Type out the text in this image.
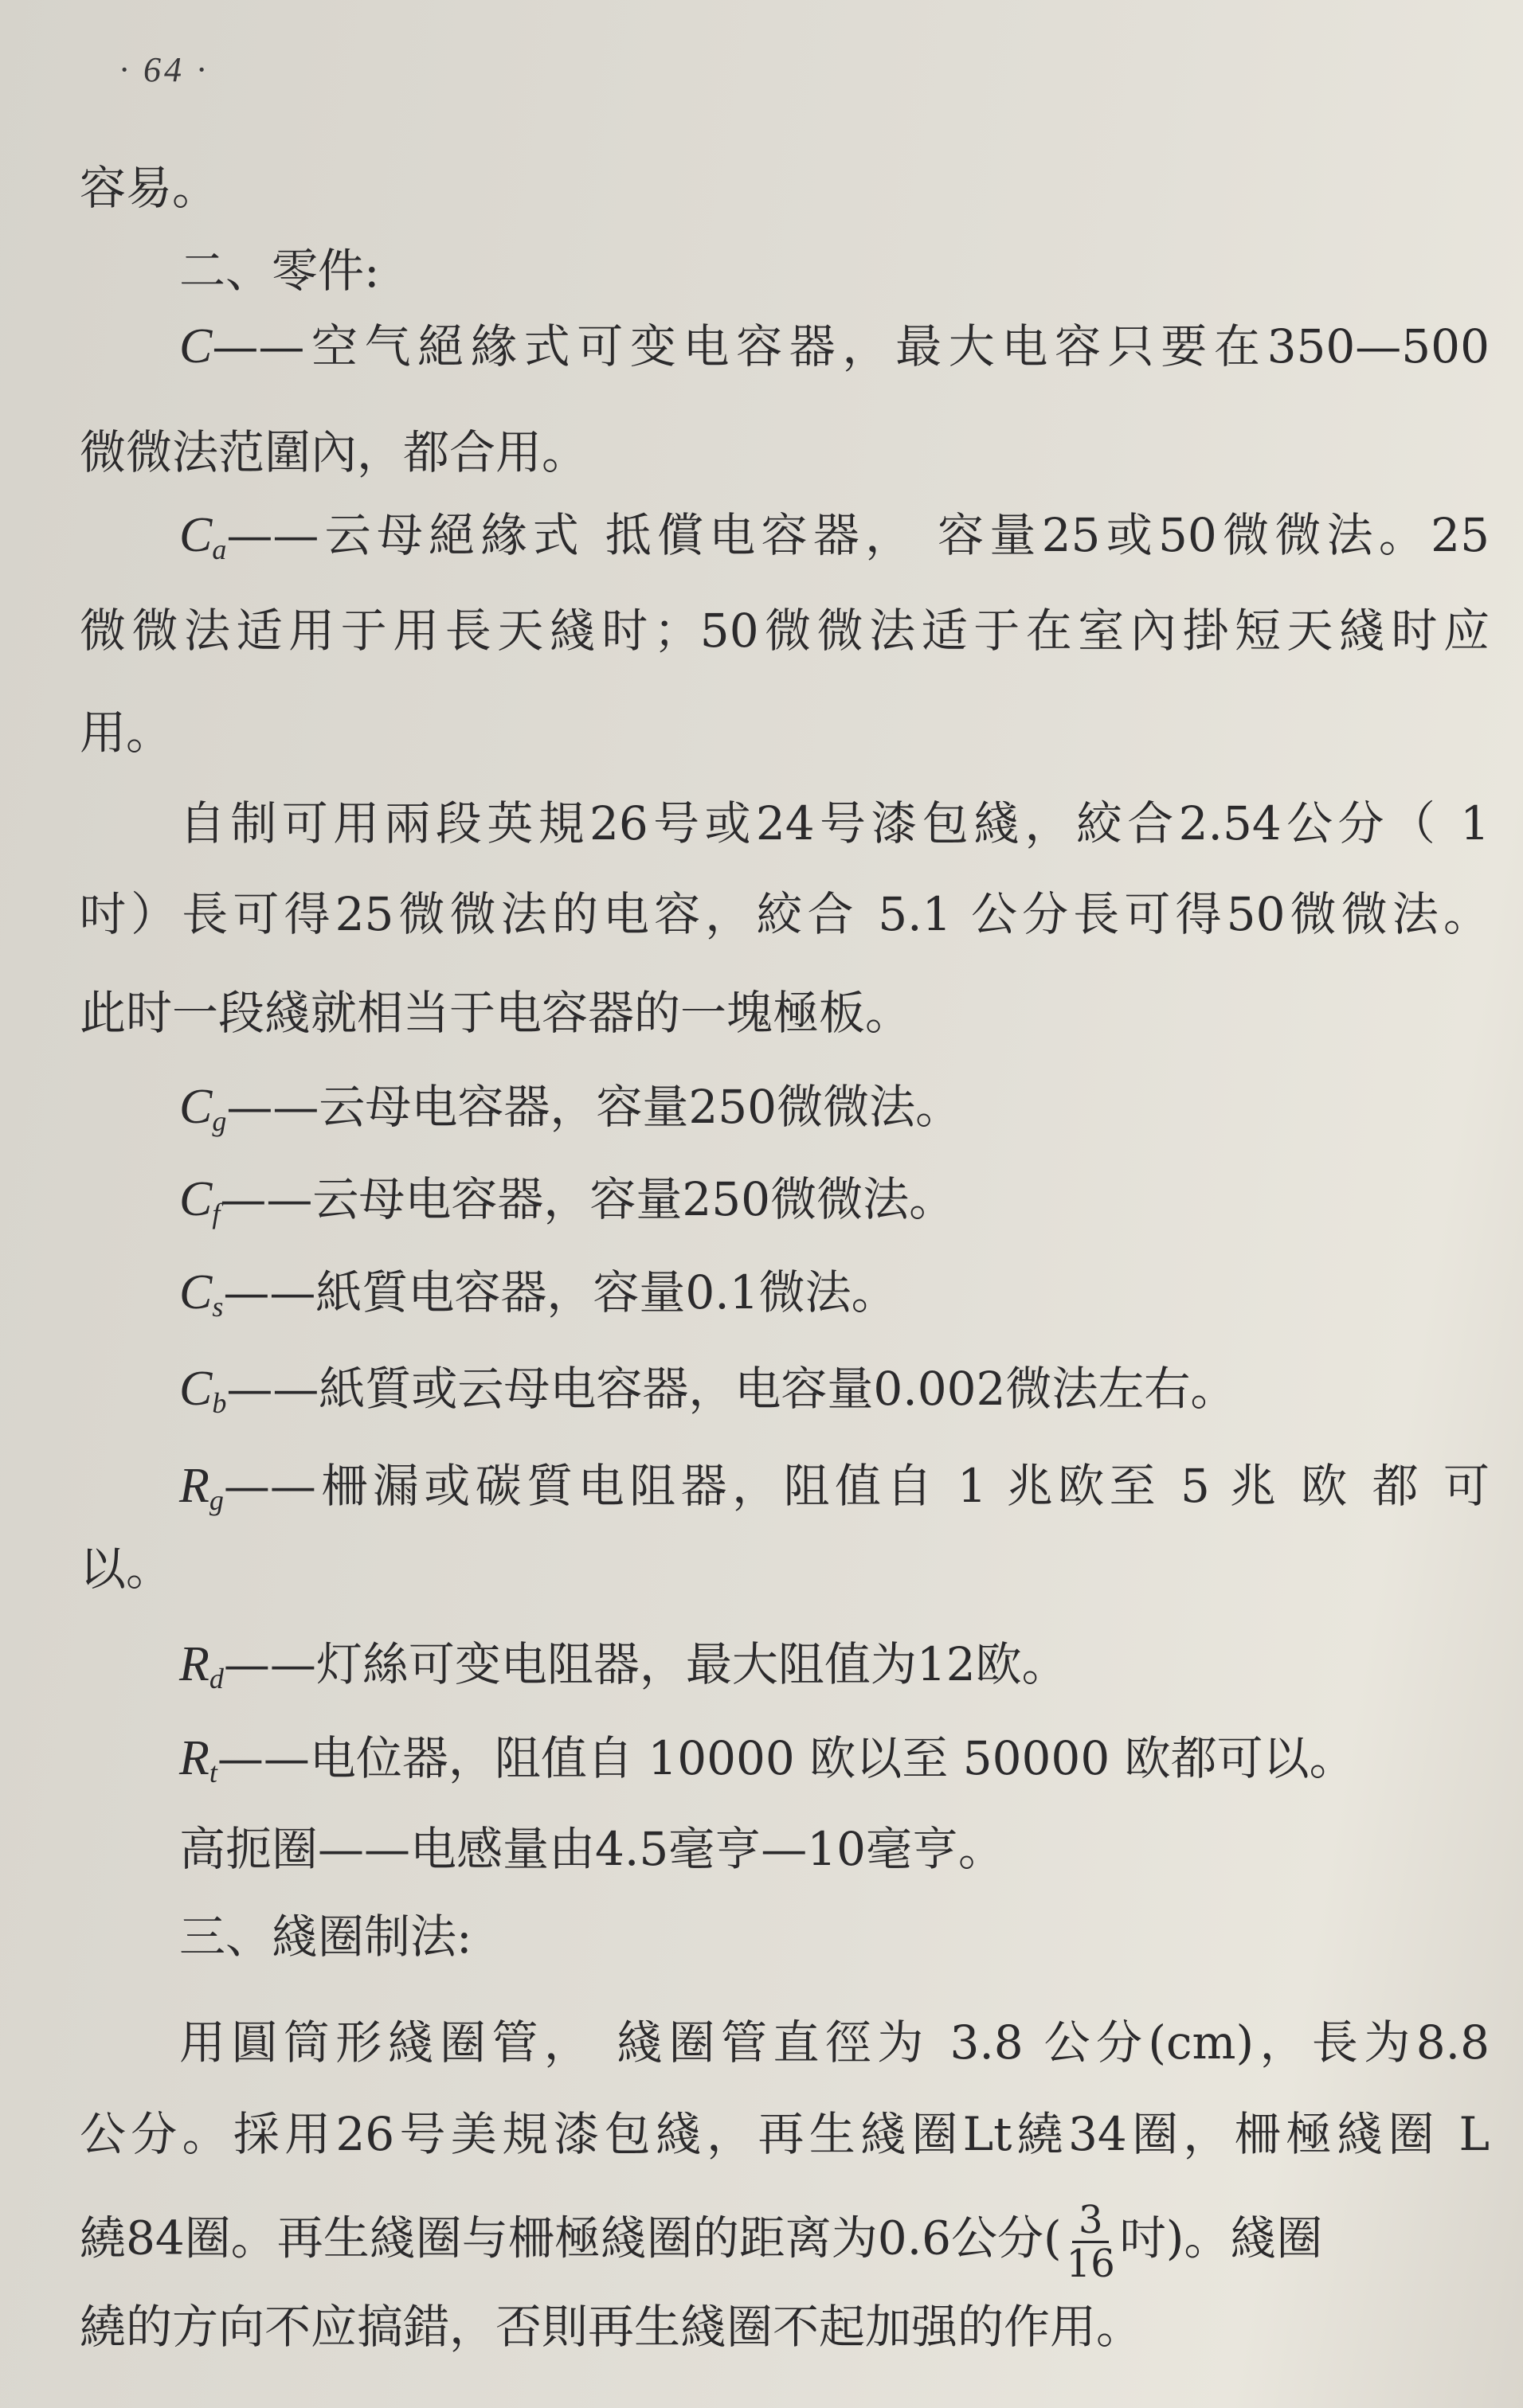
· 64 ·
容易。
二、零件:
C——空气絕緣式可变电容器，最大电容只要在350—500
微微法范圍內，都合用。
$C_a——$云母絕緣式 抵償电容器， 容量25或50微微法。25
微微法适用于用長天綫时；50微微法适于在室內掛短天綫时应
用。
自制可用兩段英規26号或24号漆包綫，絞合2.54公分（ 1
吋）長可得25微微法的电容，絞合 5.1 公分長可得50微微法。
此时一段綫就相当于电容器的一塊極板。
$C_g——$云母电容器，容量250微微法。
$C_f——$云母电容器，容量250微微法。
$C_s——$紙質电容器，容量0.1微法。
$C_b——$紙質或云母电容器，电容量0.002微法左右。
$R_g——$柵漏或碳質电阻器，阻值自 1 兆欧至 5 兆 欧 都 可
以。
$R_d——$灯絲可变电阻器，最大阻值为12欧。
$R_t——$电位器，阻值自 10000 欧以至 50000 欧都可以。
高扼圈——电感量由4.5毫亨—10毫亨。
三、綫圈制法:
用圓筒形綫圈管， 綫圈管直徑为 3.8 公分(cm)，長为8.8
公分。採用26号美規漆包綫，再生綫圈Lt繞34圈，柵極綫圈 L
繞84圈。再生綫圈与柵極綫圈的距离为0.6公分( $\frac{3}{16}$ 吋)。綫圈
繞的方向不应搞錯，否則再生綫圈不起加强的作用。
